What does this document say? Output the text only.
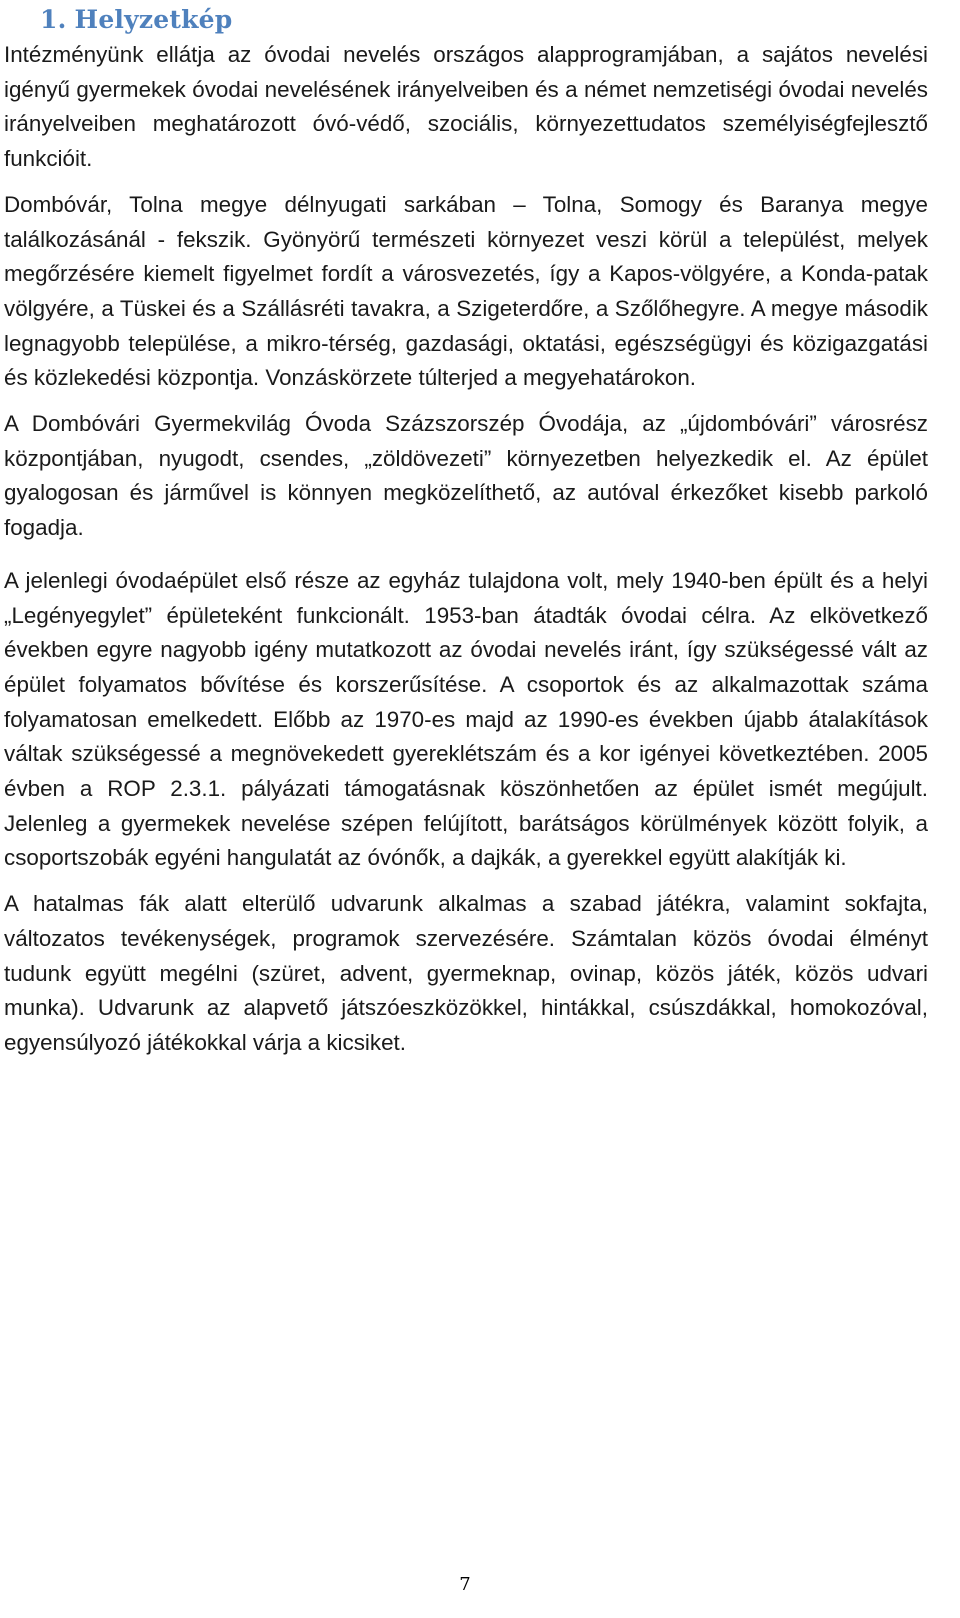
1. Helyzetkép

Intézményünk ellátja az óvodai nevelés országos alapprogramjában, a sajátos nevelési igényű gyermekek óvodai nevelésének irányelveiben és a német nemzetiségi óvodai nevelés irányelveiben meghatározott óvó-védő, szociális, környezettudatos személyiségfejlesztő funkcióit.

Dombóvár, Tolna megye délnyugati sarkában – Tolna, Somogy és Baranya megye találkozásánál - fekszik. Gyönyörű természeti környezet veszi körül a települést, melyek megőrzésére kiemelt figyelmet fordít a városvezetés, így a Kapos-völgyére, a Konda-patak völgyére, a Tüskei és a Szállásréti tavakra, a Szigeterdőre, a Szőlőhegyre. A megye második legnagyobb települése, a mikro-térség, gazdasági, oktatási, egészségügyi és közigazgatási és közlekedési központja. Vonzáskörzete túlterjed a megyehatárokon.

A Dombóvári Gyermekvilág Óvoda Százszorszép Óvodája, az „újdombóvári” városrész központjában, nyugodt, csendes, „zöldövezeti” környezetben helyezkedik el. Az épület gyalogosan és járművel is könnyen megközelíthető, az autóval érkezőket kisebb parkoló fogadja.

A jelenlegi óvodaépület első része az egyház tulajdona volt, mely 1940-ben épült és a helyi „Legényegylet” épületeként funkcionált. 1953-ban átadták óvodai célra. Az elkövetkező években egyre nagyobb igény mutatkozott az óvodai nevelés iránt, így szükségessé vált az épület folyamatos bővítése és korszerűsítése. A csoportok és az alkalmazottak száma folyamatosan emelkedett. Előbb az 1970-es majd az 1990-es években újabb átalakítások váltak szükségessé a megnövekedett gyereklétszám és a kor igényei következtében. 2005 évben a ROP 2.3.1. pályázati támogatásnak köszönhetően az épület ismét megújult. Jelenleg a gyermekek nevelése szépen felújított, barátságos körülmények között folyik, a csoportszobák egyéni hangulatát az óvónők, a dajkák, a gyerekkel együtt alakítják ki.

A hatalmas fák alatt elterülő udvarunk alkalmas a szabad játékra, valamint sokfajta, változatos tevékenységek, programok szervezésére. Számtalan közös óvodai élményt tudunk együtt megélni (szüret, advent, gyermeknap, ovinap, közös játék, közös udvari munka). Udvarunk az alapvető játszóeszközökkel, hintákkal, csúszdákkal, homokozóval, egyensúlyozó játékokkal várja a kicsiket.

7
